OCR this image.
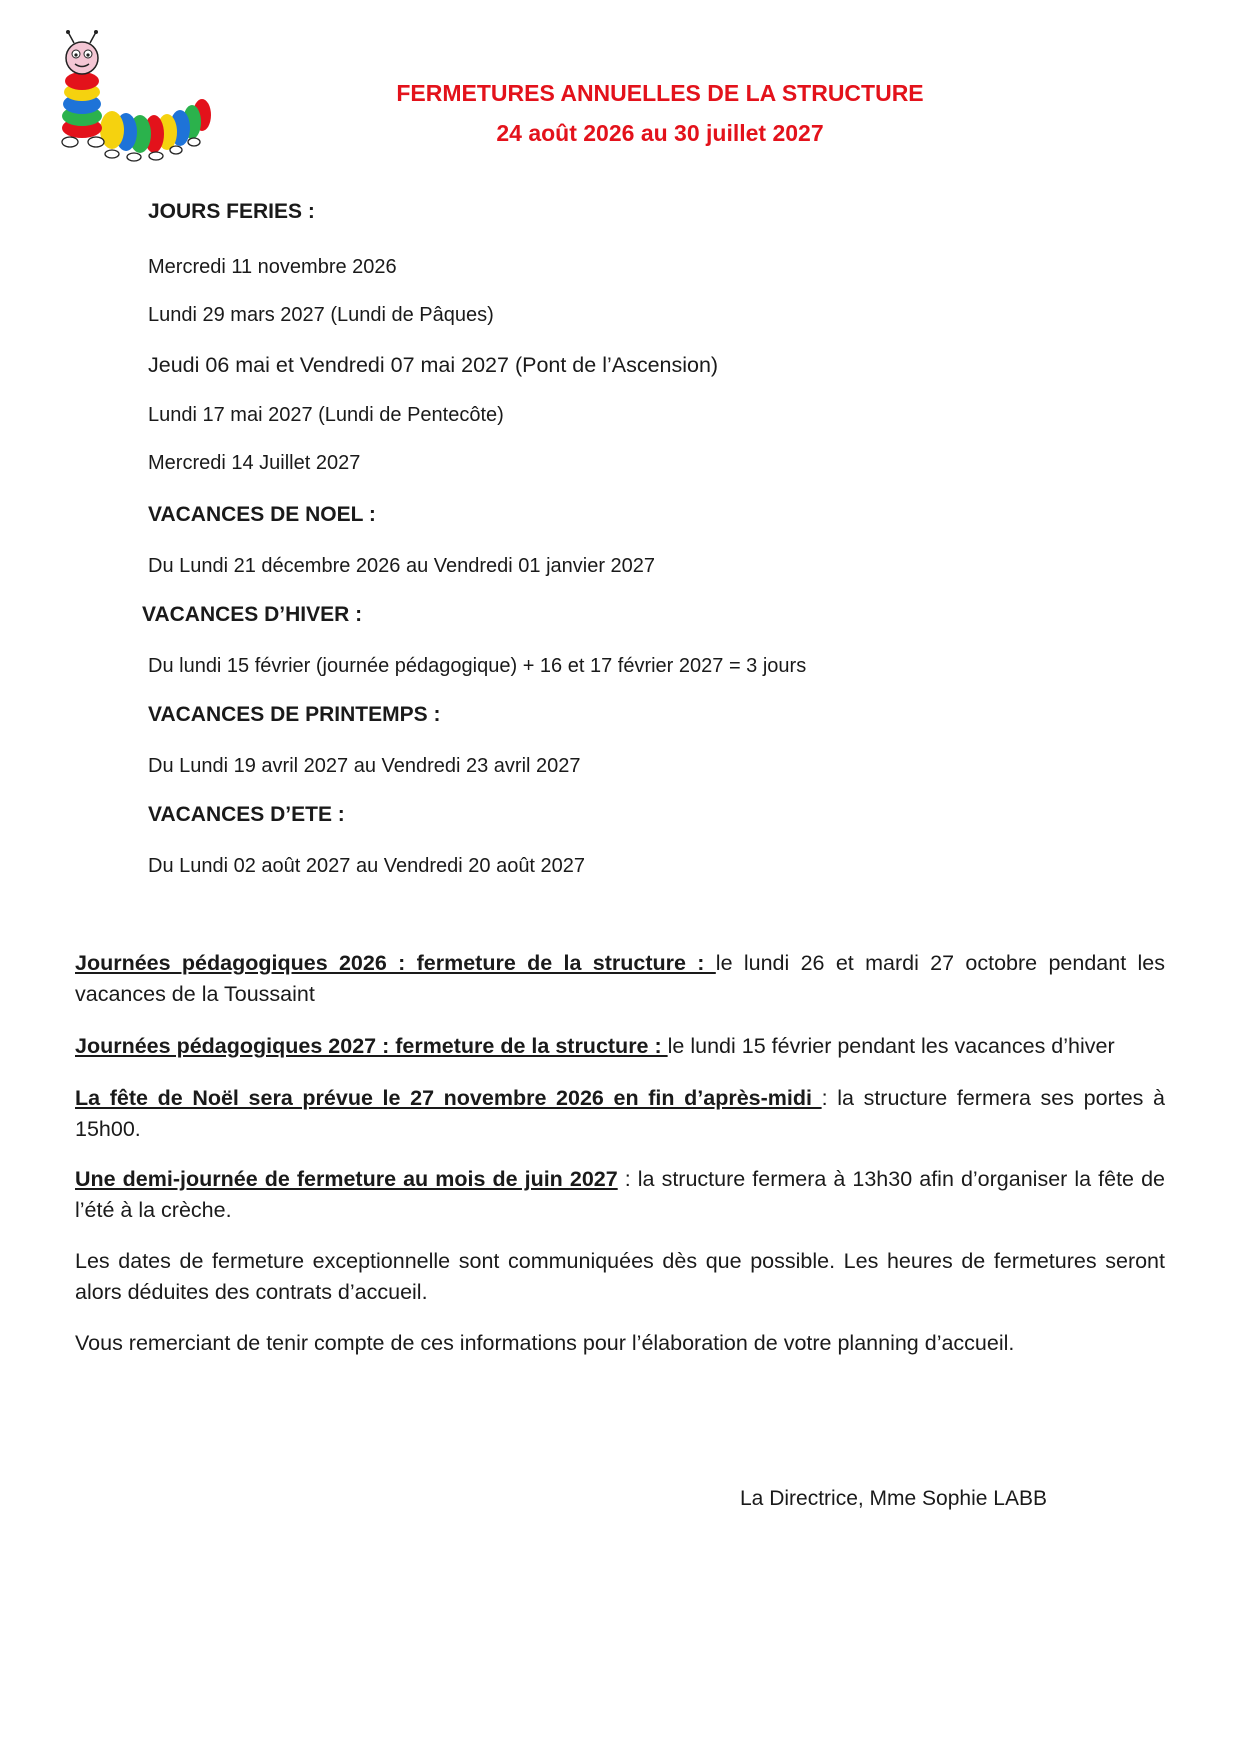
FERMETURES ANNUELLES DE LA STRUCTURE
24 août 2026 au 30 juillet 2027
JOURS FERIES :
Mercredi 11 novembre 2026
Lundi 29 mars 2027 (Lundi de Pâques)
Jeudi 06 mai et Vendredi 07 mai 2027 (Pont de l’Ascension)
Lundi 17 mai 2027 (Lundi de Pentecôte)
Mercredi 14 Juillet 2027
VACANCES DE NOEL :
Du Lundi 21 décembre 2026 au Vendredi 01 janvier 2027
VACANCES D’HIVER :
Du lundi 15 février (journée pédagogique) + 16 et 17 février 2027 = 3 jours
VACANCES DE PRINTEMPS :
Du Lundi 19 avril 2027 au Vendredi 23 avril 2027
VACANCES D’ETE :
Du Lundi 02 août 2027 au Vendredi 20 août 2027
Journées pédagogiques 2026 : fermeture de la structure : le lundi 26 et mardi 27 octobre pendant les vacances de la Toussaint
Journées pédagogiques 2027 : fermeture de la structure : le lundi 15 février pendant les vacances d’hiver
La fête de Noël sera prévue le 27 novembre 2026 en fin d’après-midi : la structure fermera ses portes à 15h00.
Une demi-journée de fermeture au mois de juin 2027 : la structure fermera à 13h30 afin d’organiser la fête de l’été à la crèche.
Les dates de fermeture exceptionnelle sont communiquées dès que possible. Les heures de fermetures seront alors déduites des contrats d’accueil.
Vous remerciant de tenir compte de ces informations pour l’élaboration de votre planning d’accueil.
La Directrice, Mme Sophie LABB
